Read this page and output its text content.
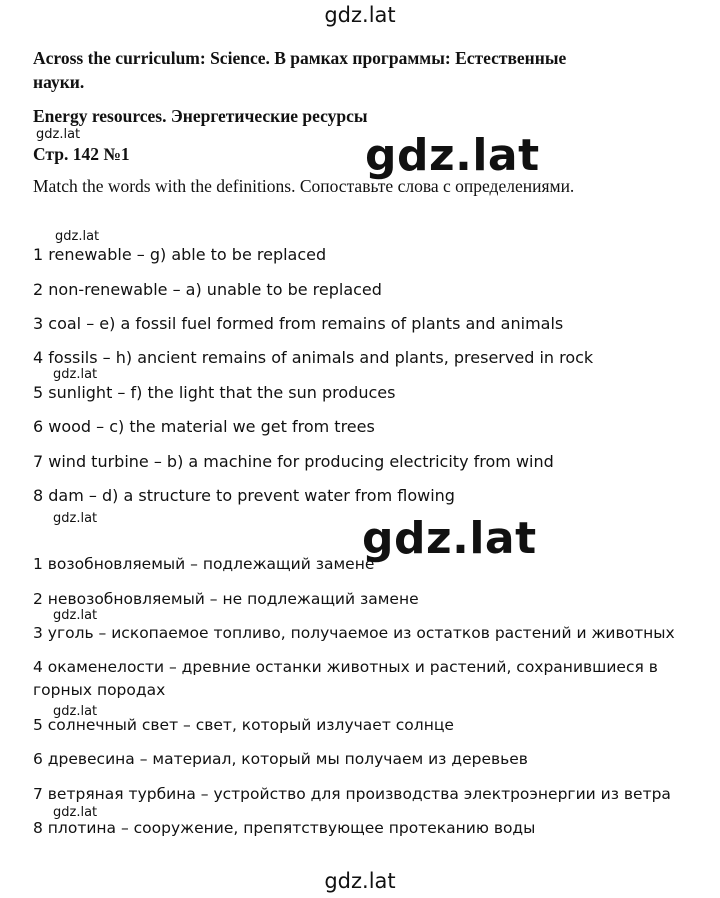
gdz.lat
gdz.lat
Across the curriculum: Science. В рамках программы: Естественные
науки.
Energy resources. Энергетические ресурсы
Стр. 142 №1
Match the words with the definitions. Сопоставьте слова с определениями.
1 renewable – g) able to be replaced
2 non-renewable – a) unable to be replaced
3 coal – e) a fossil fuel formed from remains of plants and animals
4 fossils – h) ancient remains of animals and plants, preserved in rock
5 sunlight – f) the light that the sun produces
6 wood – c) the material we get from trees
7 wind turbine – b) a machine for producing electricity from wind
8 dam – d) a structure to prevent water from flowing
1 возобновляемый – подлежащий замене
2 невозобновляемый – не подлежащий замене
3 уголь – ископаемое топливо, получаемое из остатков растений и животных
4 окаменелости – древние останки животных и растений, сохранившиеся в
горных породах
5 солнечный свет – свет, который излучает солнце
6 древесина – материал, который мы получаем из деревьев
7 ветряная турбина – устройство для производства электроэнергии из ветра
8 плотина – сооружение, препятствующее протеканию воды
gdz.lat
gdz.lat
gdz.lat
gdz.lat
gdz.lat
gdz.lat
gdz.lat
gdz.lat
gdz.lat
